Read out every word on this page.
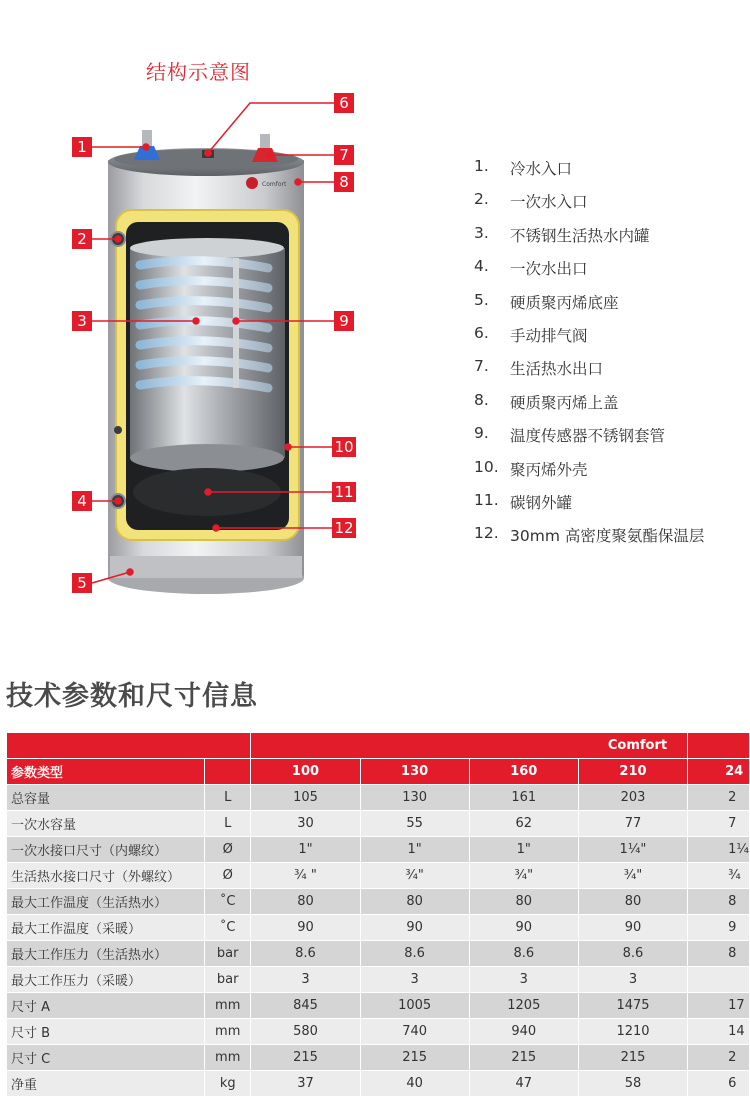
结构示意图
Comfort
1
2
3
4
5
6
7
8
9
10
11
12
1.	冷水入口
2.	一次水入口
3.	不锈钢生活热水内罐
4.	一次水出口
5.	硬质聚丙烯底座
6.	手动排气阀
7.	生活热水出口
8.	硬质聚丙烯上盖
9.	温度传感器不锈钢套管
10. 聚丙烯外壳
11. 碳钢外罐
12. 30mm 高密度聚氨酯保温层
技术参数和尺寸信息
		Comfort				
参数类型		100	130	160	210	24
总容量	L	105	130	161	203	2
一次水容量	L	30	55	62	77	7
一次水接口尺寸（内螺纹）	Ø	1"	1"	1"	1¼"	1¼
生活热水接口尺寸（外螺纹）	Ø	¾ "	¾"	¾"	¾"	¾
最大工作温度（生活热水）	˚C	80	80	80	80	8
最大工作温度（采暖）	˚C	90	90	90	90	9
最大工作压力（生活热水）	bar	8.6	8.6	8.6	8.6	8
最大工作压力（采暖）	bar	3	3	3	3	
尺寸 A	mm	845	1005	1205	1475	17
尺寸 B	mm	580	740	940	1210	14
尺寸 C	mm	215	215	215	215	2
净重	kg	37	40	47	58	6
